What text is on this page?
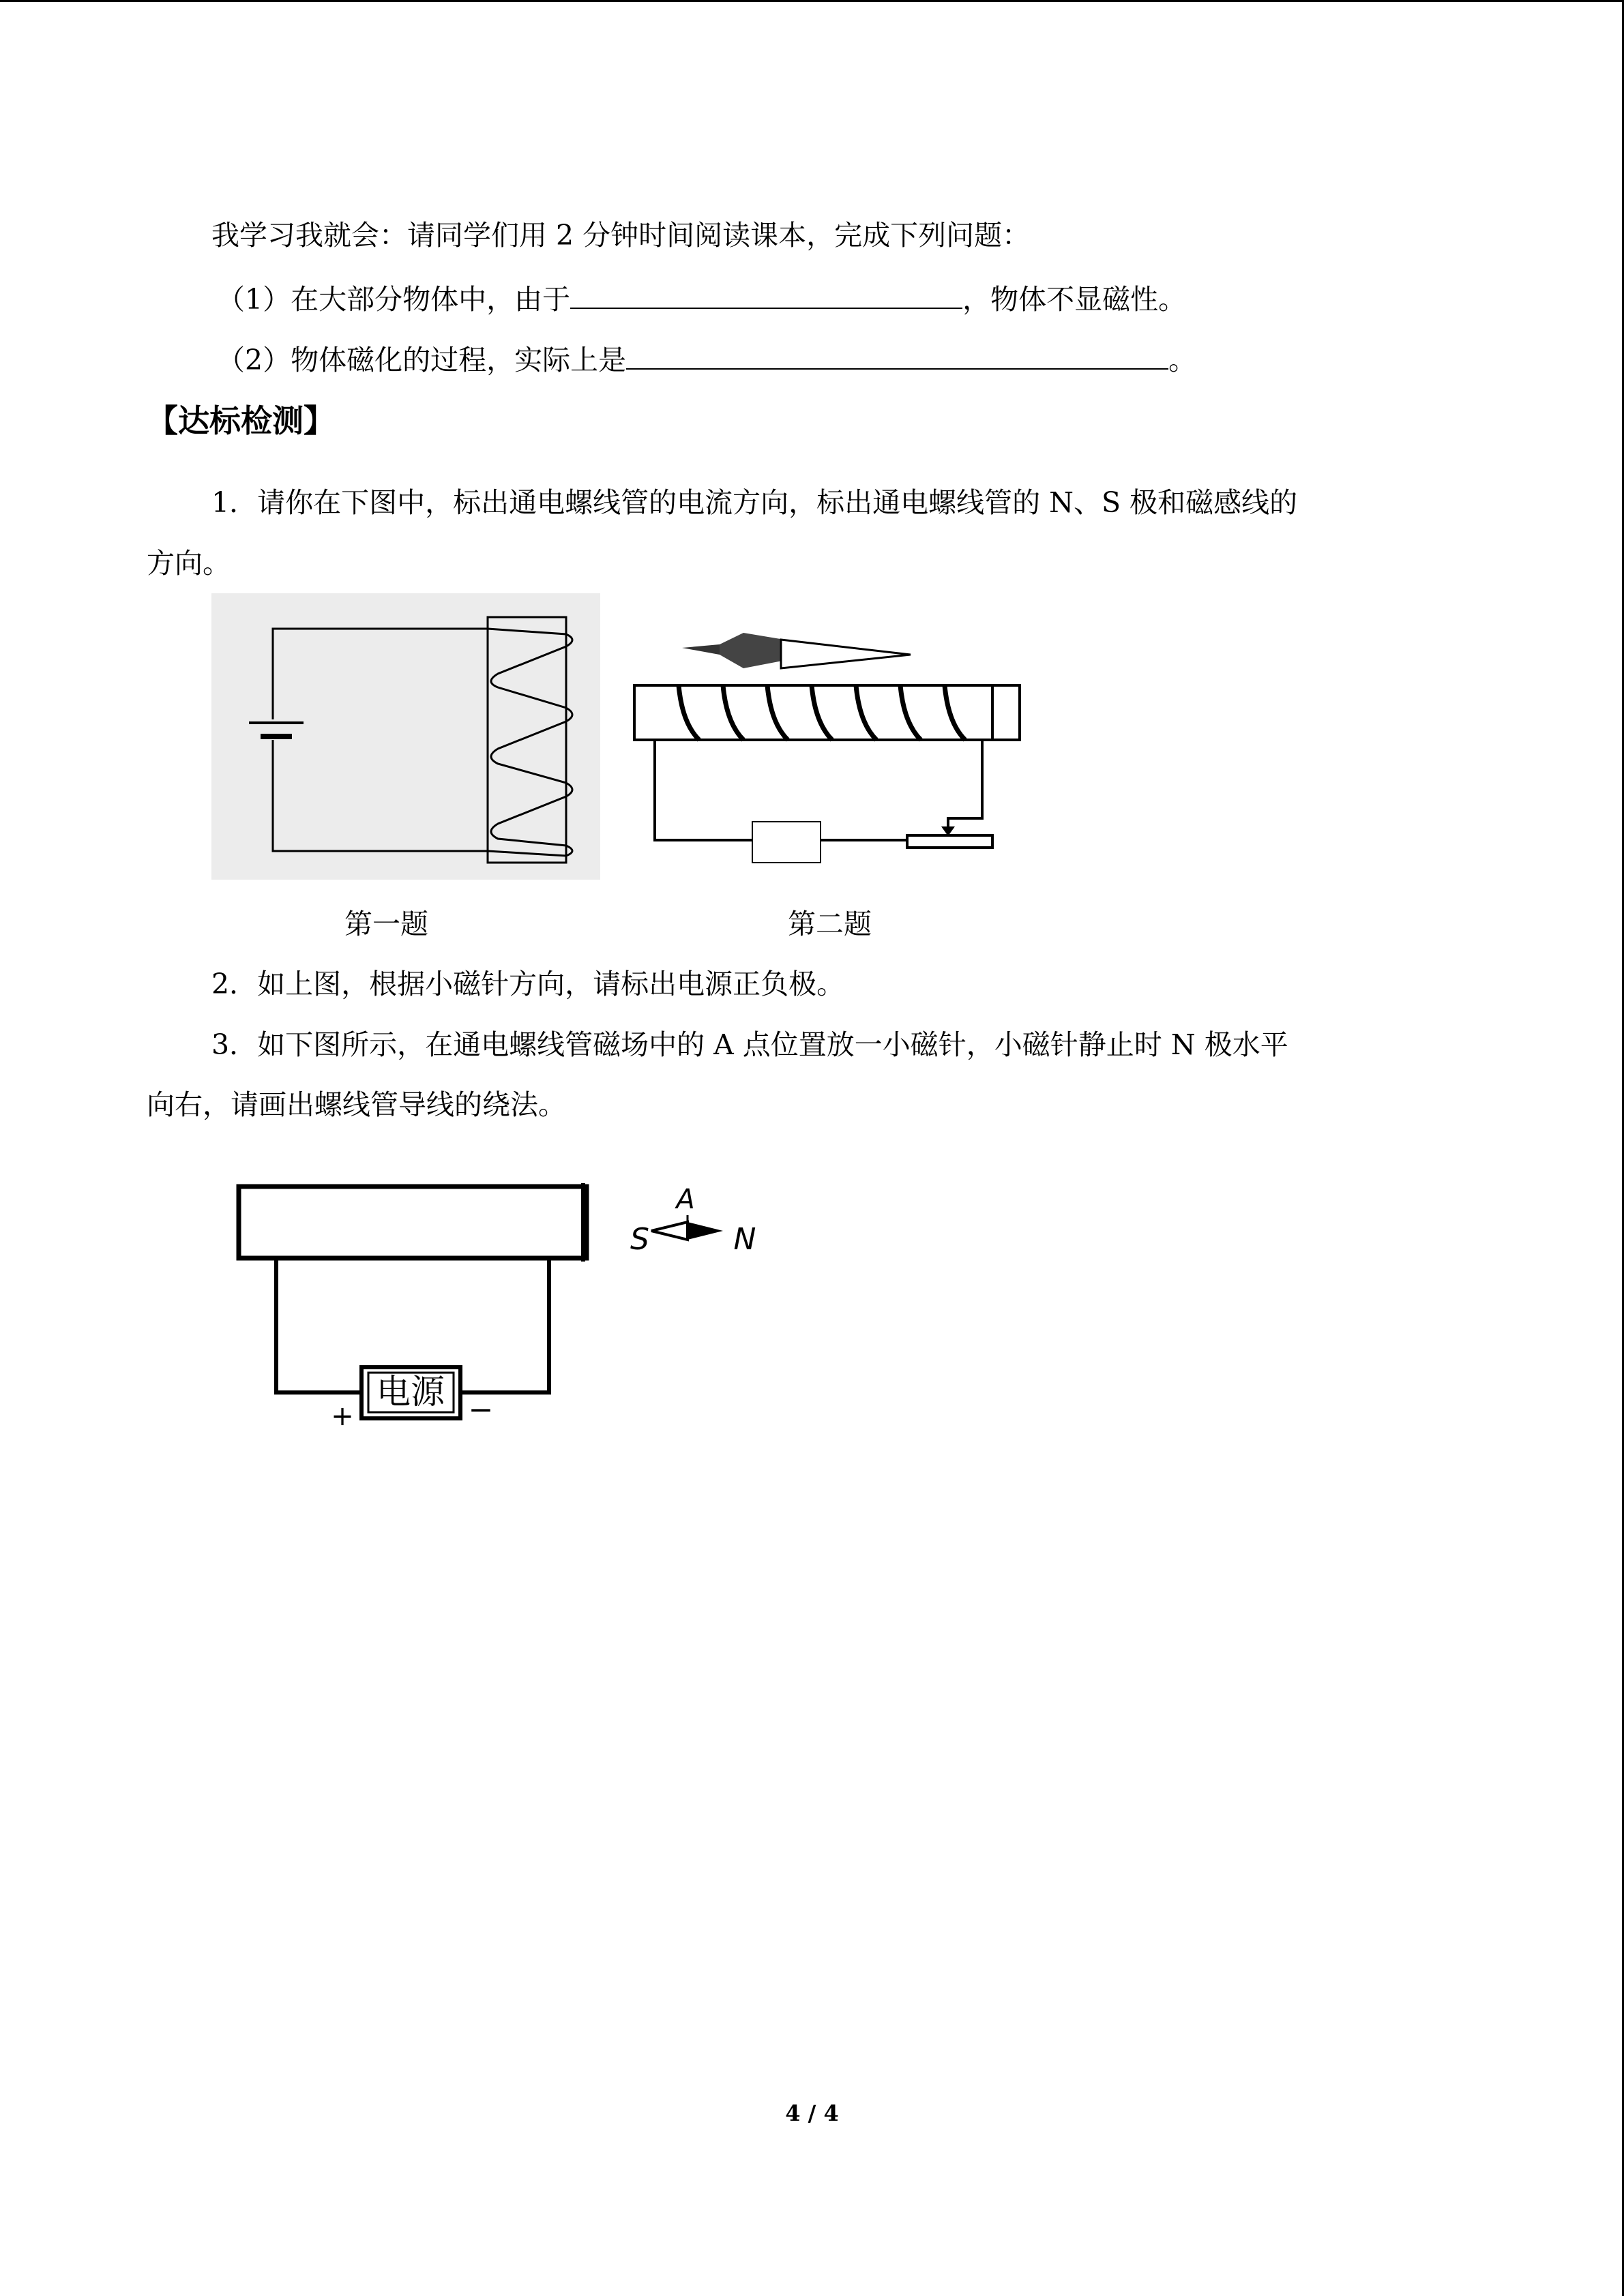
我学习我就会：请同学们用 2 分钟时间阅读课本，完成下列问题：
（1）在大部分物体中，由于	，物体不显磁性。
（2）物体磁化的过程，实际上是	。
【达标检测】
1．请你在下图中，标出通电螺线管的电流方向，标出通电螺线管的 N、S 极和磁感线的
方向。
第一题	第二题
2．如上图，根据小磁针方向，请标出电源正负极。
3．如下图所示，在通电螺线管磁场中的 A 点位置放一小磁针，小磁针静止时 N 极水平
向右，请画出螺线管导线的绕法。
电源
+	−
A
S	N
4 / 4
